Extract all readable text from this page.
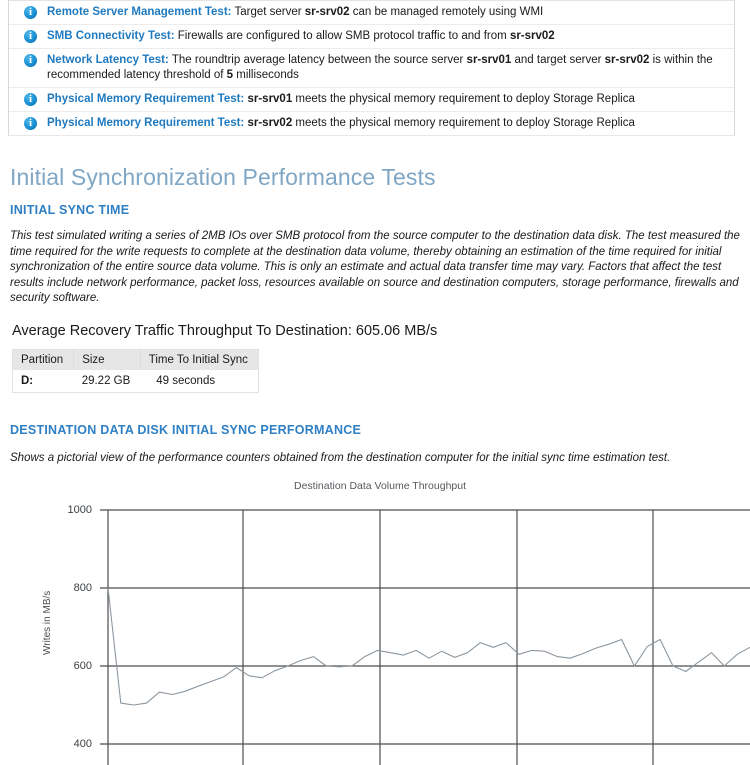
i
Remote Server Management Test: Target server sr-srv02 can be managed remotely using WMI
i
SMB Connectivity Test: Firewalls are configured to allow SMB protocol traffic to and from sr-srv02
i
Network Latency Test: The roundtrip average latency between the source server sr-srv01 and target server sr-srv02 is within the recommended latency threshold of 5 milliseconds
i
Physical Memory Requirement Test: sr-srv01 meets the physical memory requirement to deploy Storage Replica
i
Physical Memory Requirement Test: sr-srv02 meets the physical memory requirement to deploy Storage Replica
Initial Synchronization Performance Tests
INITIAL SYNC TIME

This test simulated writing a series of 2MB IOs over SMB protocol from the source computer to the destination data disk. The test measured the time required for the write requests to complete at the destination data volume, thereby obtaining an estimation of the time required for initial synchronization of the entire source data volume. This is only an estimate and actual data transfer time may vary. Factors that affect the test results include network performance, packet loss, resources available on source and destination computers, storage performance, firewalls and security software.

Average Recovery Traffic Throughput To Destination: 605.06 MB/s
Partition	Size	Time To Initial Sync
D:	29.22 GB	49 seconds
DESTINATION DATA DISK INITIAL SYNC PERFORMANCE

Shows a pictorial view of the performance counters obtained from the destination computer for the initial sync time estimation test.

Destination Data Volume Throughput
Writes in MB/s
1000
800
600
400
